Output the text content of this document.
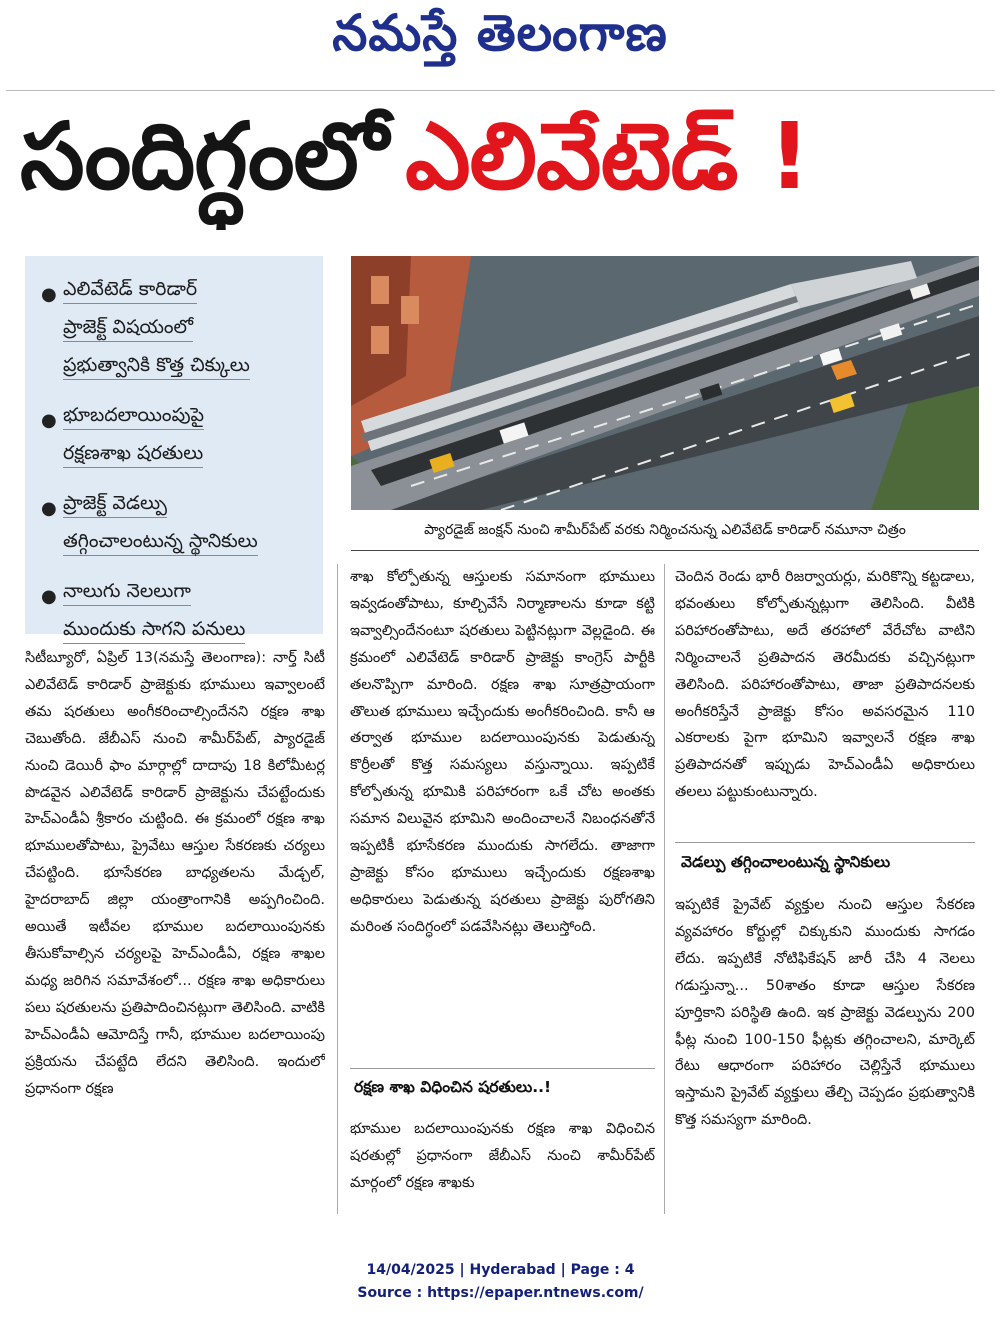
నమస్తే తెలంగాణ
సందిగ్ధంలో ఎలివేటెడ్ !
● ఎలివేటెడ్ కారిడార్
ప్రాజెక్ట్ విషయంలో
ప్రభుత్వానికి కొత్త చిక్కులు
● భూబదలాయింపుపై
రక్షణశాఖ షరతులు
● ప్రాజెక్ట్ వెడల్పు
తగ్గించాలంటున్న స్థానికులు
● నాలుగు నెలలుగా
ముందుకు సాగని పనులు
ప్యారడైజ్ జంక్షన్ నుంచి శామీర్‌పేట్ వరకు నిర్మించనున్న ఎలివేటెడ్ కారిడార్ నమూనా చిత్రం

సిటీబ్యూరో, ఏప్రిల్ 13(నమస్తే తెలంగాణ): నార్త్ సిటీ ఎలివేటెడ్ కారిడార్ ప్రాజెక్టుకు భూములు ఇవ్వాలంటే తమ షరతులు అంగీకరించాల్సిందేనని రక్షణ శాఖ చెబుతోంది. జేబీఎస్ నుంచి శామీర్‌పేట్, ప్యారడైజ్ నుంచి డెయిరీ ఫాం మార్గాల్లో దాదాపు 18 కిలోమీటర్ల పొడవైన ఎలివేటెడ్ కారిడార్ ప్రాజెక్టును చేపట్టేందుకు హెచ్‌ఎండీఏ శ్రీకారం చుట్టింది. ఈ క్రమంలో రక్షణ శాఖ భూములతోపాటు, ప్రైవేటు ఆస్తుల సేకరణకు చర్యలు చేపట్టింది. భూసేకరణ బాధ్యతలను మేడ్చల్, హైదరాబాద్ జిల్లా యంత్రాంగానికి అప్పగించింది. అయితే ఇటీవల భూముల బదలాయింపునకు తీసుకోవాల్సిన చర్యలపై హెచ్‌ఎండీఏ, రక్షణ శాఖల మధ్య జరిగిన సమావేశంలో... రక్షణ శాఖ అధికారులు పలు షరతులను ప్రతిపాదించినట్లుగా తెలిసింది. వాటికి హెచ్‌ఎండీఏ ఆమోదిస్తే గానీ, భూముల బదలాయింపు ప్రక్రియను చేపట్టేది లేదని తెలిసింది. ఇందులో ప్రధానంగా రక్షణ

శాఖ కోల్పోతున్న ఆస్తులకు సమానంగా భూములు ఇవ్వడంతోపాటు, కూల్చివేసే నిర్మాణాలను కూడా కట్టి ఇవ్వాల్సిందేనంటూ షరతులు పెట్టినట్లుగా వెల్లడైంది. ఈ క్రమంలో ఎలివేటెడ్ కారిడార్ ప్రాజెక్టు కాంగ్రెస్ పార్టీకి తలనొప్పిగా మారింది. రక్షణ శాఖ సూత్రప్రాయంగా తొలుత భూములు ఇచ్చేందుకు అంగీకరించింది. కానీ ఆ తర్వాత భూముల బదలాయింపునకు పెడుతున్న కొర్రీలతో కొత్త సమస్యలు వస్తున్నాయి. ఇప్పటికే కోల్పోతున్న భూమికి పరిహారంగా ఒకే చోట అంతకు సమాన విలువైన భూమిని అందించాలనే నిబంధనతోనే ఇప్పటికీ భూసేకరణ ముందుకు సాగలేదు. తాజాగా ప్రాజెక్టు కోసం భూములు ఇచ్చేందుకు రక్షణశాఖ అధికారులు పెడుతున్న షరతులు ప్రాజెక్టు పురోగతిని మరింత సందిగ్ధంలో పడవేసినట్లు తెలుస్తోంది.

రక్షణ శాఖ విధించిన షరతులు..!

భూముల బదలాయింపునకు రక్షణ శాఖ విధించిన షరతుల్లో ప్రధానంగా జేబీఎస్ నుంచి శామీర్‌పేట్ మార్గంలో రక్షణ శాఖకు

చెందిన రెండు భారీ రిజర్వాయర్లు, మరికొన్ని కట్టడాలు, భవంతులు కోల్పోతున్నట్లుగా తెలిసింది. వీటికి పరిహారంతోపాటు, అదే తరహాలో వేరేచోట వాటిని నిర్మించాలనే ప్రతిపాదన తెరమీదకు వచ్చినట్లుగా తెలిసింది. పరిహారంతోపాటు, తాజా ప్రతిపాదనలకు అంగీకరిస్తేనే ప్రాజెక్టు కోసం అవసరమైన 110 ఎకరాలకు పైగా భూమిని ఇవ్వాలనే రక్షణ శాఖ ప్రతిపాదనతో ఇప్పుడు హెచ్‌ఎండీఏ అధికారులు తలలు పట్టుకుంటున్నారు.

వెడల్పు తగ్గించాలంటున్న స్థానికులు

ఇప్పటికే ప్రైవేట్ వ్యక్తుల నుంచి ఆస్తుల సేకరణ వ్యవహారం కోర్టుల్లో చిక్కుకుని ముందుకు సాగడం లేదు. ఇప్పటికే నోటిఫికేషన్ జారీ చేసి 4 నెలలు గడుస్తున్నా... 50శాతం కూడా ఆస్తుల సేకరణ పూర్తికాని పరిస్థితి ఉంది. ఇక ప్రాజెక్టు వెడల్పును 200 ఫీట్ల నుంచి 100-150 ఫీట్లకు తగ్గించాలని, మార్కెట్ రేటు ఆధారంగా పరిహారం చెల్లిస్తేనే భూములు ఇస్తామని ప్రైవేట్ వ్యక్తులు తేల్చి చెప్పడం ప్రభుత్వానికి కొత్త సమస్యగా మారింది.

14/04/2025 | Hyderabad | Page : 4
Source : https://epaper.ntnews.com/
